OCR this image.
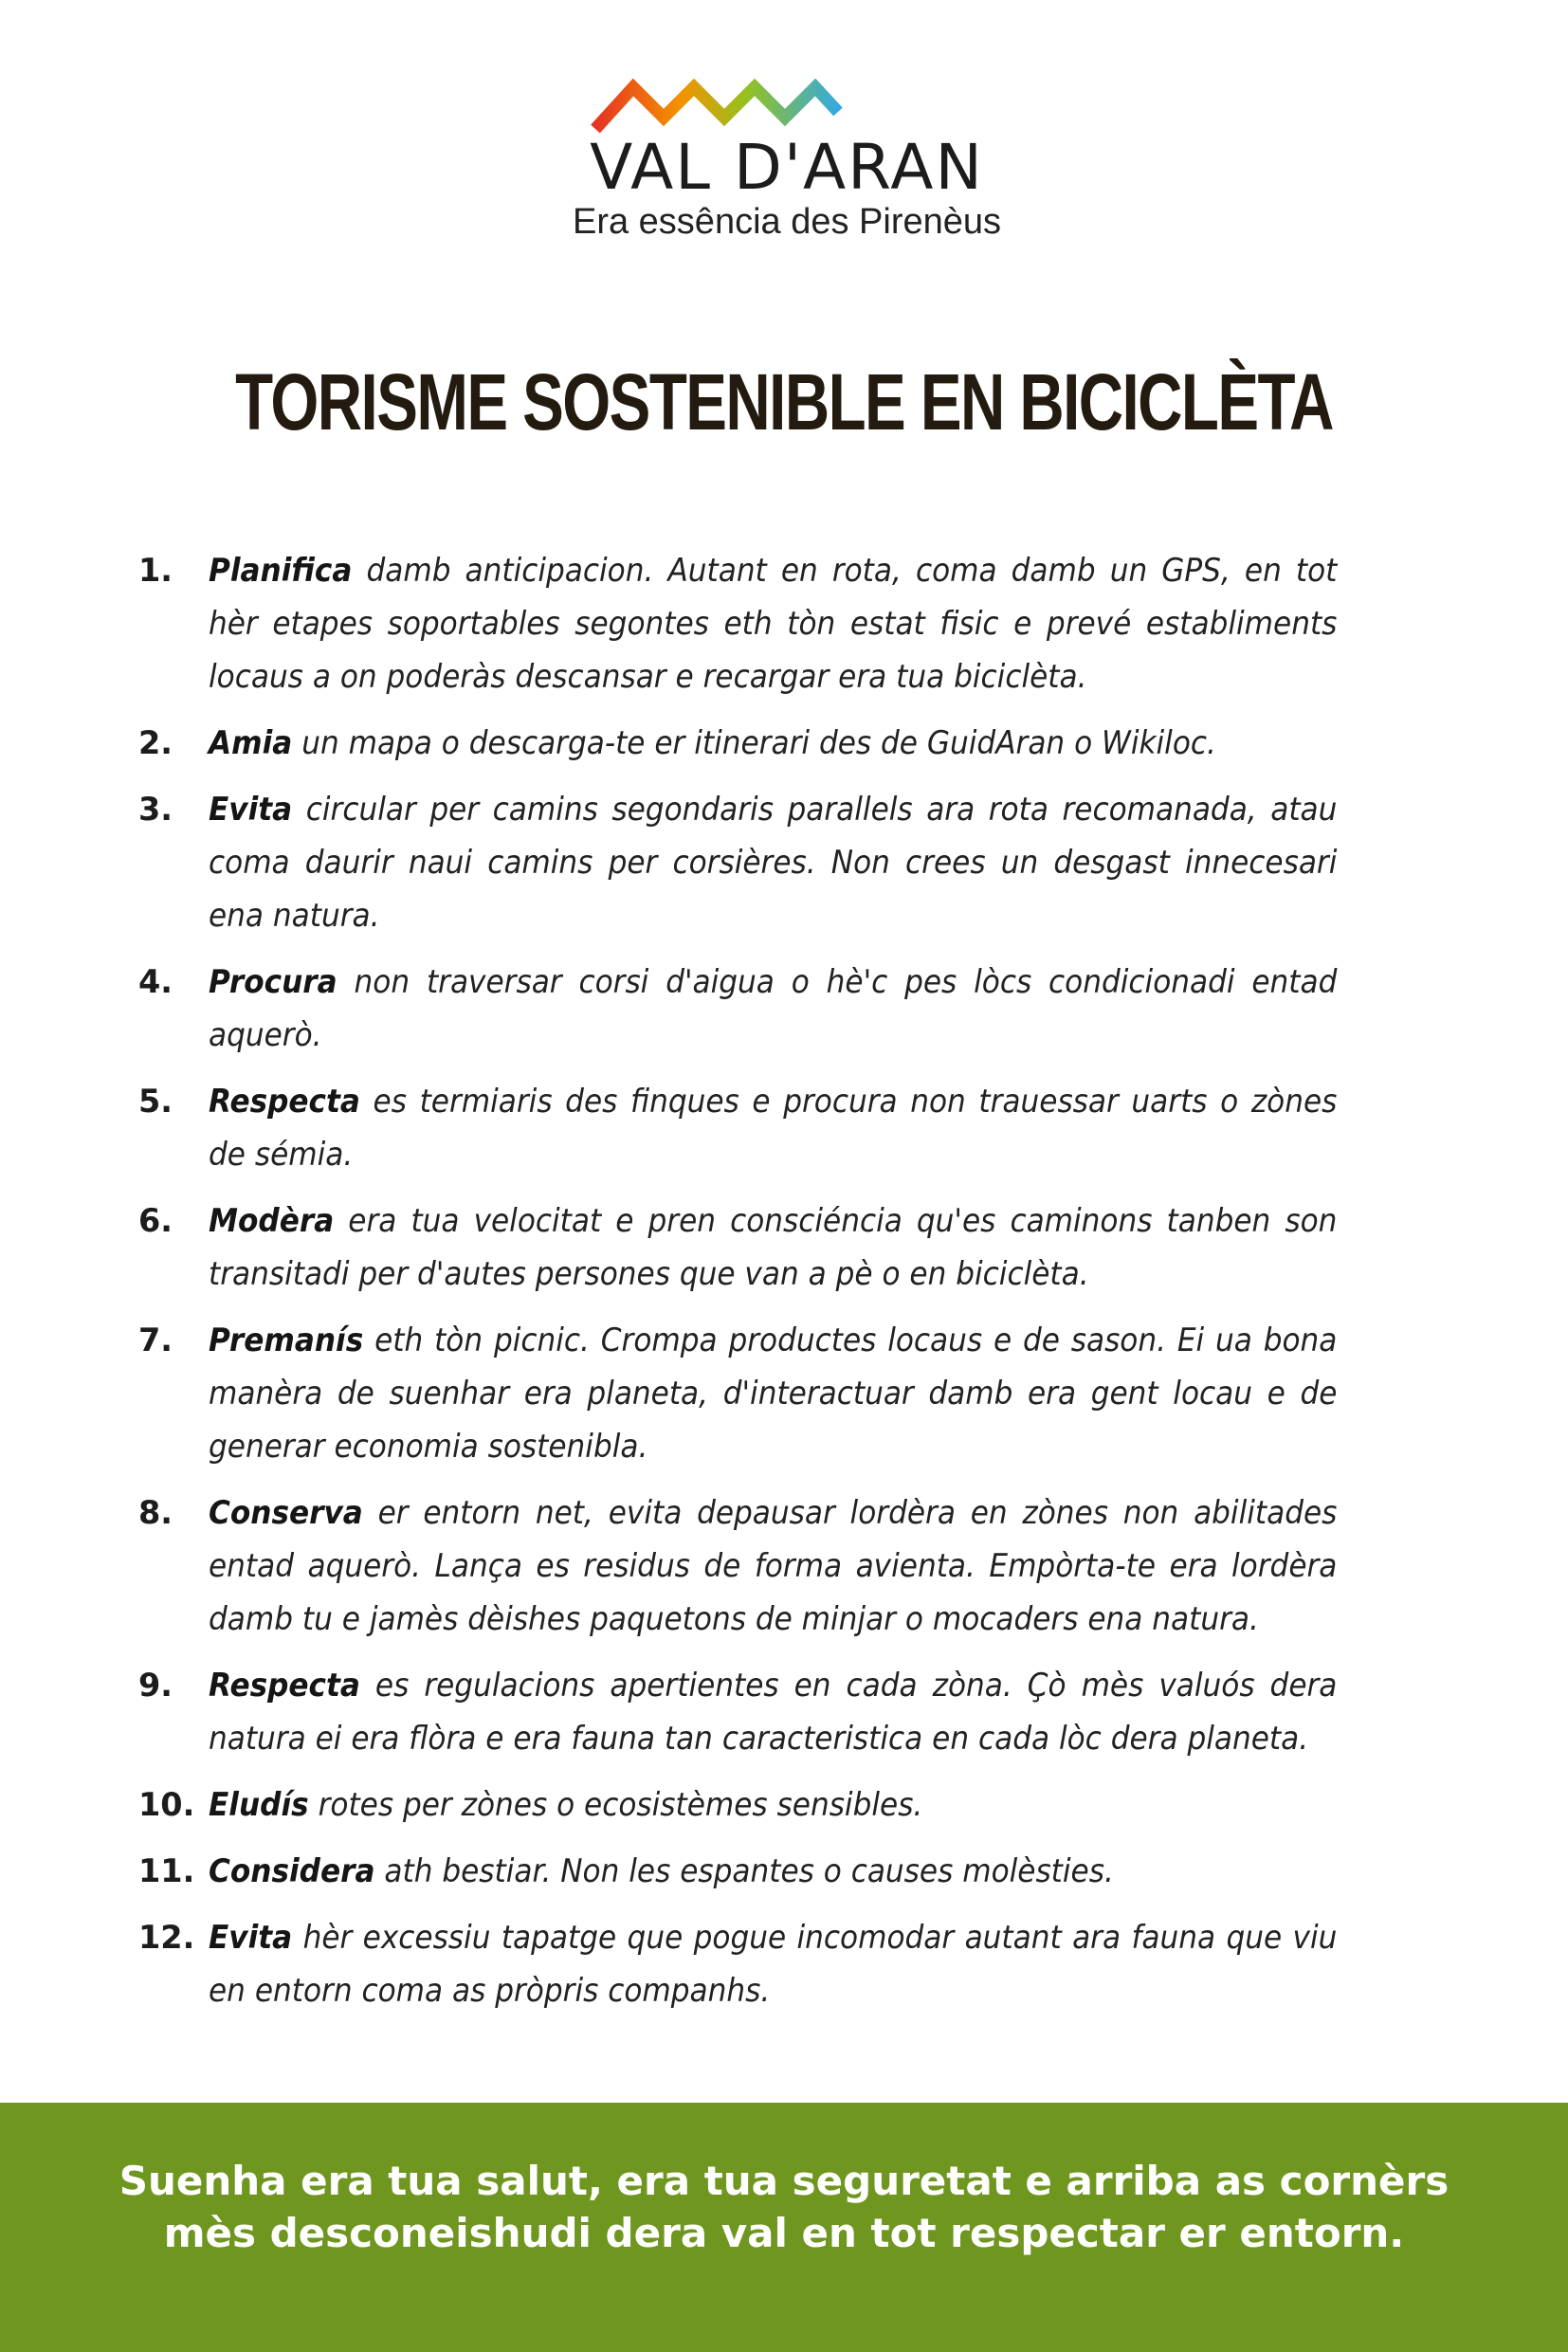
VAL D'ARAN
Era essência des Pirenèus
TORISME SOSTENIBLE EN BICICLÈTA
1.	Planifica damb anticipacion. Autant en rota, coma damb un GPS, en tot hèr etapes soportables segontes eth tòn estat fisic e prevé establiments locaus a on poderàs descansar e recargar era tua biciclèta.
2.	Amia un mapa o descarga-te er itinerari des de GuidAran o Wikiloc.
3.	Evita circular per camins segondaris parallels ara rota recomanada, atau coma daurir naui camins per corsières. Non crees un desgast innecesari ena natura.
4.	Procura non traversar corsi d'aigua o hè'c pes lòcs condicionadi entad aquerò.
5.	Respecta es termiaris des finques e procura non trauessar uarts o zònes de sémia.
6.	Modèra era tua velocitat e pren consciéncia qu'es caminons tanben son transitadi per d'autes persones que van a pè o en biciclèta.
7.	Premanís eth tòn picnic. Crompa productes locaus e de sason. Ei ua bona manèra de suenhar era planeta, d'interactuar damb era gent locau e de generar economia sostenibla.
8.	Conserva er entorn net, evita depausar lordèra en zònes non abilitades entad aquerò. Lança es residus de forma avienta. Empòrta-te era lordèra damb tu e jamès dèishes paquetons de minjar o mocaders ena natura.
9.	Respecta es regulacions apertientes en cada zòna. Çò mès valuós dera natura ei era flòra e era fauna tan caracteristica en cada lòc dera planeta.
10. Eludís rotes per zònes o ecosistèmes sensibles.
11. Considera ath bestiar. Non les espantes o causes molèsties.
12. Evita hèr excessiu tapatge que pogue incomodar autant ara fauna que viu en entorn coma as pròpris companhs.
Suenha era tua salut, era tua seguretat e arriba as cornèrs
mès desconeishudi dera val en tot respectar er entorn.
